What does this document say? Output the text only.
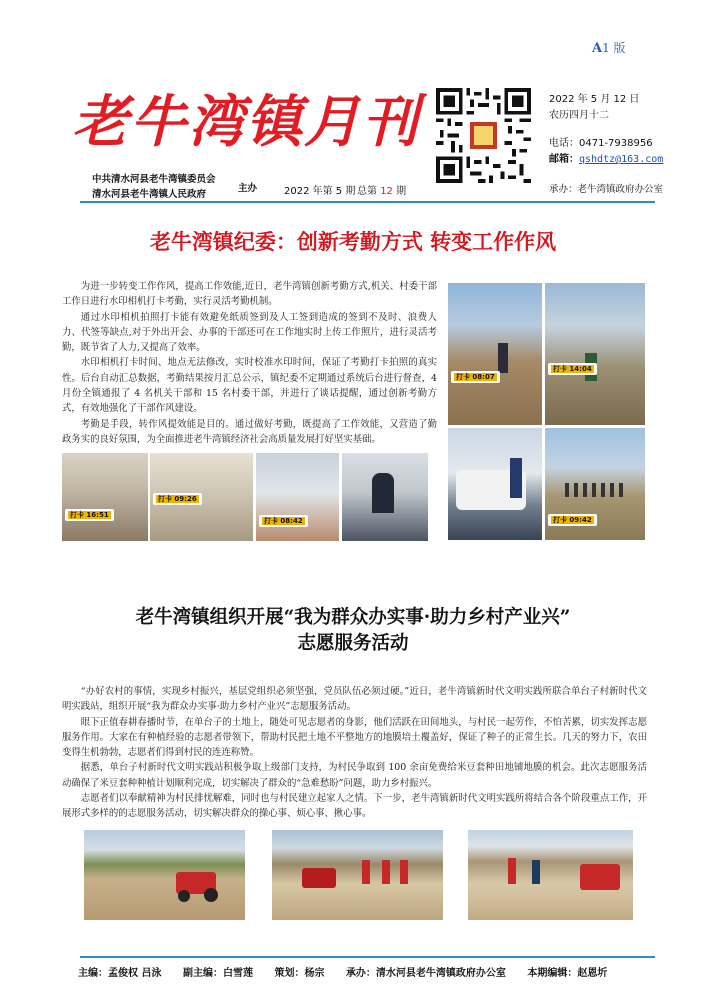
A1 版
老牛湾镇月刊	2022 年 5 月 12 日
农历四月十二
电话：0471-7938956
邮箱：qshdtz@163.com
中共清水河县老牛湾镇委员会
清水河县老牛湾镇人民政府
主办	2022 年第 5 期 总第 12 期	承办：老牛湾镇政府办公室
老牛湾镇纪委：创新考勤方式 转变工作作风

为进一步转变工作作风，提高工作效能,近日，老牛湾镇创新考勤方式,机关、村委干部工作日进行水印相机打卡考勤，实行灵活考勤机制。

通过水印相机拍照打卡能有效避免纸质签到及人工签到造成的签到不及时、浪费人力、代签等缺点,对于外出开会、办事的干部还可在工作地实时上传工作照片，进行灵活考勤，既节省了人力,又提高了效率。

水印相机打卡时间、地点无法修改，实时校准水印时间，保证了考勤打卡拍照的真实性。后台自动汇总数据，考勤结果按月汇总公示，镇纪委不定期通过系统后台进行督查，4 月份全镇通报了 4 名机关干部和 15 名村委干部，并进行了谈话提醒，通过创新考勤方式，有效地强化了干部作风建设。

考勤是手段，转作风提效能是目的。通过做好考勤，既提高了工作效能，又营造了勤政务实的良好氛围，为全面推进老牛湾镇经济社会高质量发展打好坚实基础。

打卡 08:07
打卡 14:04
打卡 09:42
打卡 16:51
打卡 09:26
打卡 08:42
老牛湾镇组织开展“我为群众办实事·助力乡村产业兴”
志愿服务活动

“办好农村的事情，实现乡村振兴，基层党组织必须坚强，党员队伍必须过硬。”近日，老牛湾镇新时代文明实践所联合单台子村新时代文明实践站，组织开展“我为群众办实事·助力乡村产业兴”志愿服务活动。

眼下正值春耕春播时节，在单台子的土地上，随处可见志愿者的身影，他们活跃在田间地头，与村民一起劳作，不怕苦累，切实发挥志愿服务作用。大家在有种植经验的志愿者带领下，帮助村民把土地不平整地方的地膜培土覆盖好，保证了种子的正常生长。几天的努力下，农田变得生机勃勃，志愿者们得到村民的连连称赞。

据悉，单台子村新时代文明实践站积极争取上级部门支持，为村民争取到 100 余亩免费给米豆套种田地铺地膜的机会。此次志愿服务活动确保了米豆套种种植计划顺利完成，切实解决了群众的“急难愁盼”问题，助力乡村振兴。

志愿者们以奉献精神为村民排忧解难，同时也与村民建立起家人之情。下一步，老牛湾镇新时代文明实践所将结合各个阶段重点工作，开展形式多样的的志愿服务活动，切实解决群众的操心事、烦心事、揪心事。

主编：孟俊权 吕泳 副主编：白雪莲 策划：杨宗 承办：清水河县老牛湾镇政府办公室 本期编辑：赵恩圻
